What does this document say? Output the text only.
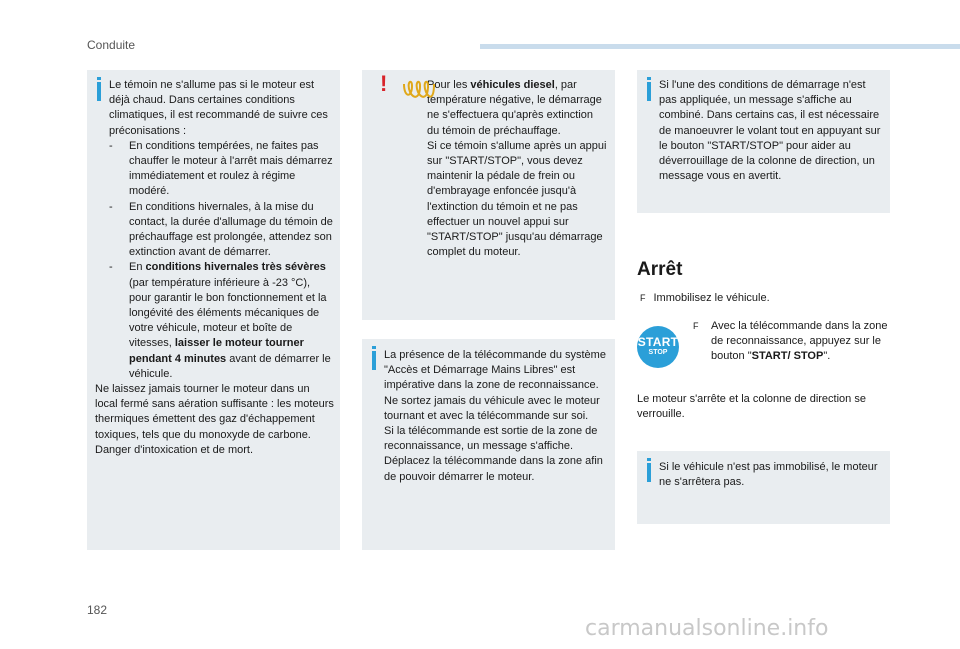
Conduite

Le témoin ne s'allume pas si le moteur est déjà chaud. Dans certaines conditions climatiques, il est recommandé de suivre ces préconisations :

- En conditions tempérées, ne faites pas chauffer le moteur à l'arrêt mais démarrez immédiatement et roulez à régime modéré.
- En conditions hivernales, à la mise du contact, la durée d'allumage du témoin de préchauffage est prolongée, attendez son extinction avant de démarrer.
- En conditions hivernales très sévères (par température inférieure à -23 °C), pour garantir le bon fonctionnement et la longévité des éléments mécaniques de votre véhicule, moteur et boîte de vitesses, laisser le moteur tourner pendant 4 minutes avant de démarrer le véhicule.

Ne laissez jamais tourner le moteur dans un local fermé sans aération suffisante : les moteurs thermiques émettent des gaz d'échappement toxiques, tels que du monoxyde de carbone. Danger d'intoxication et de mort.

!	Pour les véhicules diesel, par température négative, le démarrage ne s'effectuera qu'après extinction du témoin de préchauffage.

Si ce témoin s'allume après un appui sur "START/STOP", vous devez maintenir la pédale de frein ou d'embrayage enfoncée jusqu'à l'extinction du témoin et ne pas effectuer un nouvel appui sur "START/STOP" jusqu'au démarrage complet du moteur.

La présence de la télécommande du système "Accès et Démarrage Mains Libres" est impérative dans la zone de reconnaissance.

Ne sortez jamais du véhicule avec le moteur tournant et avec la télécommande sur soi.

Si la télécommande est sortie de la zone de reconnaissance, un message s'affiche. Déplacez la télécommande dans la zone afin de pouvoir démarrer le moteur.

Si l'une des conditions de démarrage n'est pas appliquée, un message s'affiche au combiné. Dans certains cas, il est nécessaire de manoeuvrer le volant tout en appuyant sur le bouton "START/STOP" pour aider au déverrouillage de la colonne de direction, un message vous en avertit.

Arrêt
F Immobilisez le véhicule.
START
STOP
F	Avec la télécommande dans la zone de reconnaissance, appuyez sur le bouton "START/ STOP".
Le moteur s'arrête et la colonne de direction se verrouille.

Si le véhicule n'est pas immobilisé, le moteur ne s'arrêtera pas.

182
carmanualsonline.info
